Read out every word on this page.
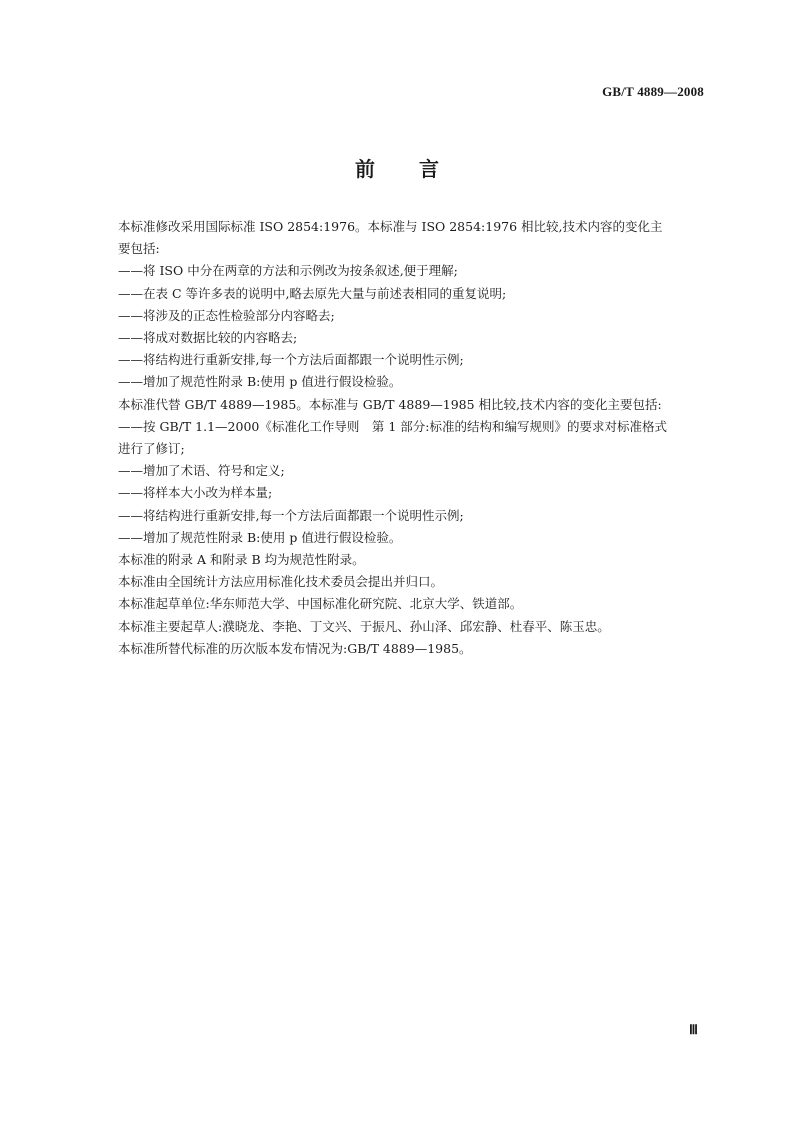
GB/T 4889—2008
前 言

本标准修改采用国际标准 ISO 2854:1976。本标准与 ISO 2854:1976 相比较,技术内容的变化主

要包括:

——将 ISO 中分在两章的方法和示例改为按条叙述,便于理解;

——在表 C 等许多表的说明中,略去原先大量与前述表相同的重复说明;

——将涉及的正态性检验部分内容略去;

——将成对数据比较的内容略去;

——将结构进行重新安排,每一个方法后面都跟一个说明性示例;

——增加了规范性附录 B:使用 p 值进行假设检验。

本标准代替 GB/T 4889—1985。本标准与 GB/T 4889—1985 相比较,技术内容的变化主要包括:

——按 GB/T 1.1—2000《标准化工作导则　第 1 部分:标准的结构和编写规则》的要求对标准格式

进行了修订;

——增加了术语、符号和定义;

——将样本大小改为样本量;

——将结构进行重新安排,每一个方法后面都跟一个说明性示例;

——增加了规范性附录 B:使用 p 值进行假设检验。

本标准的附录 A 和附录 B 均为规范性附录。

本标准由全国统计方法应用标准化技术委员会提出并归口。

本标准起草单位:华东师范大学、中国标准化研究院、北京大学、铁道部。

本标准主要起草人:濮晓龙、李艳、丁文兴、于振凡、孙山泽、邱宏静、杜春平、陈玉忠。

本标准所替代标准的历次版本发布情况为:GB/T 4889—1985。

Ⅲ
